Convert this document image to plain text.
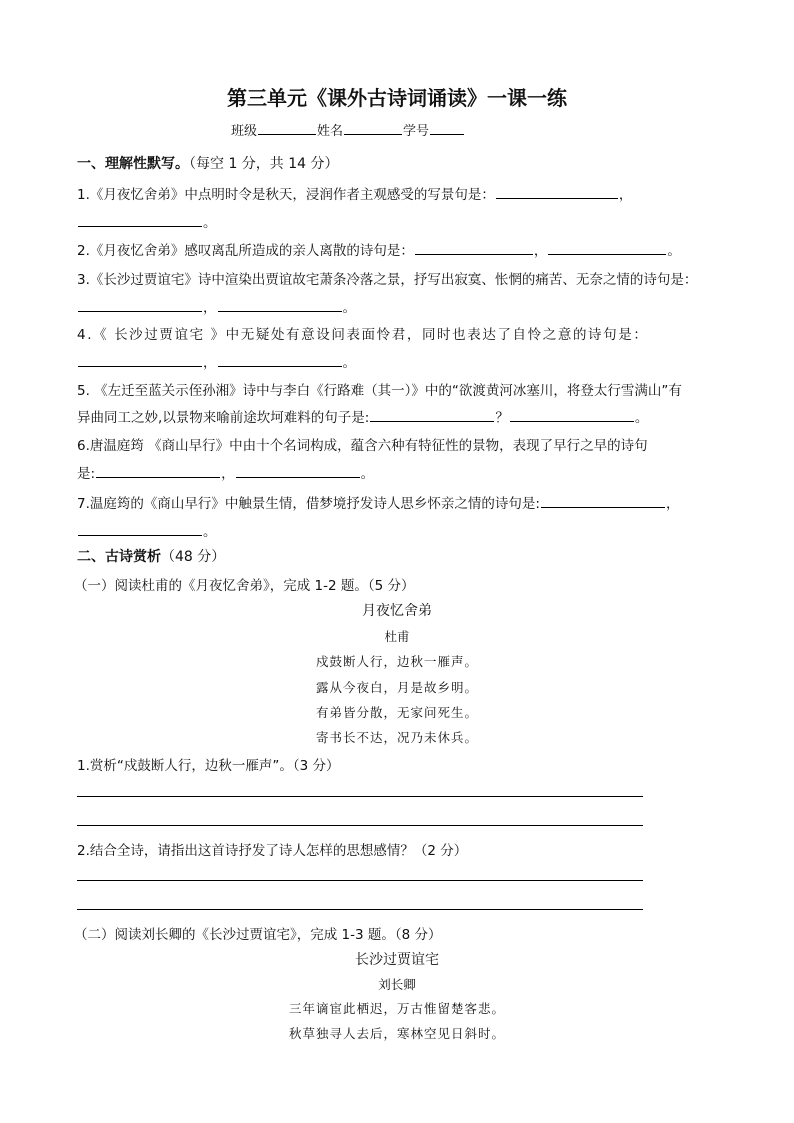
第三单元《课外古诗词诵读》一课一练
班级	姓名	学号
一、理解性默写。（每空 1 分，共 14 分）
1.《月夜忆舍弟》中点明时令是秋天，浸润作者主观感受的写景句是：	，
。
2.《月夜忆舍弟》感叹离乱所造成的亲人离散的诗句是：	，	。
3.《长沙过贾谊宅》诗中渲染出贾谊故宅萧条冷落之景，抒写出寂寞、怅惘的痛苦、无奈之情的诗句是：
，	。
4.《 长沙过贾谊宅 》中无疑处有意设问表面怜君，同时也表达了自怜之意的诗句是：
，	。
5. 《左迁至蓝关示侄孙湘》诗中与李白《行路难（其一）》中的“欲渡黄河冰塞川，将登太行雪满山”有
异曲同工之妙,以景物来喻前途坎坷难料的句子是:	？	。
6.唐温庭筠 《商山早行》中由十个名词构成，蕴含六种有特征性的景物，表现了早行之早的诗句
是:	，	。
7.温庭筠的《商山早行》中触景生情，借梦境抒发诗人思乡怀亲之情的诗句是:	，
。
二、古诗赏析（48 分）
（一）阅读杜甫的《月夜忆舍弟》，完成 1-2 题。（5 分）
月夜忆舍弟
杜甫
戍鼓断人行，边秋一雁声。
露从今夜白，月是故乡明。
有弟皆分散，无家问死生。
寄书长不达，况乃未休兵。
1.赏析“戍鼓断人行，边秋一雁声”。（3 分）
2.结合全诗，请指出这首诗抒发了诗人怎样的思想感情？（2 分）
（二）阅读刘长卿的《长沙过贾谊宅》，完成 1-3 题。（8 分）
长沙过贾谊宅
刘长卿
三年谪宦此栖迟，万古惟留楚客悲。
秋草独寻人去后，寒林空见日斜时。
